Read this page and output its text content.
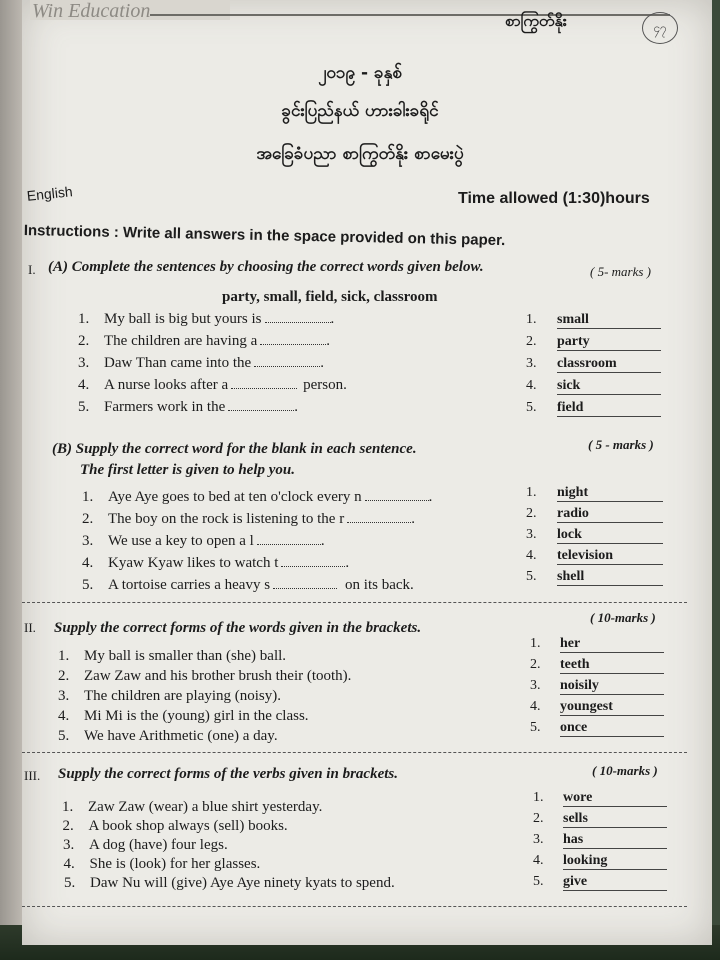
Win Education	စာကြွတ်နိုး	၄၇
၂၀၁၉ - ခုနှစ်
ခွင်းပြည်နယ် ဟားခါးခရိုင်
အခြေခံပညာ စာကြွတ်နိုး စာမေးပွဲ
English	Time allowed (1:30)hours
Instructions : Write all answers in the space provided on this paper.
I. (A) Complete the sentences by choosing the correct words given below.	( 5- marks )
party, small, field, sick, classroom
1. My ball is big but yours is	.
2. The children are having a	.
3. Daw Than came into the	.
4. A nurse looks after a	person.
5. Farmers work in the	.
1. small
2. party
3. classroom
4. sick
5. field
(B) Supply the correct word for the blank in each sentence.
The first letter is given to help you.
( 5 - marks )
1. Aye Aye goes to bed at ten o'clock every n	.
2. The boy on the rock is listening to the r	.
3. We use a key to open a l	.
4. Kyaw Kyaw likes to watch t	.
5. A tortoise carries a heavy s	on its back.
1. night
2. radio
3. lock
4. television
5. shell
II. Supply the correct forms of the words given in the brackets.
( 10-marks )
1. My ball is smaller than (she) ball.
2. Zaw Zaw and his brother brush their (tooth).
3. The children are playing (noisy).
4. Mi Mi is the (young) girl in the class.
5. We have Arithmetic (one) a day.
1. her
2. teeth
3. noisily
4. youngest
5. once
III. Supply the correct forms of the verbs given in brackets.	( 10-marks )
1. Zaw Zaw (wear) a blue shirt yesterday.
2. A book shop always (sell) books.
3. A dog (have) four legs.
4. She is (look) for her glasses.
5. Daw Nu will (give) Aye Aye ninety kyats to spend.
1. wore
2. sells
3. has
4. looking
5. give
